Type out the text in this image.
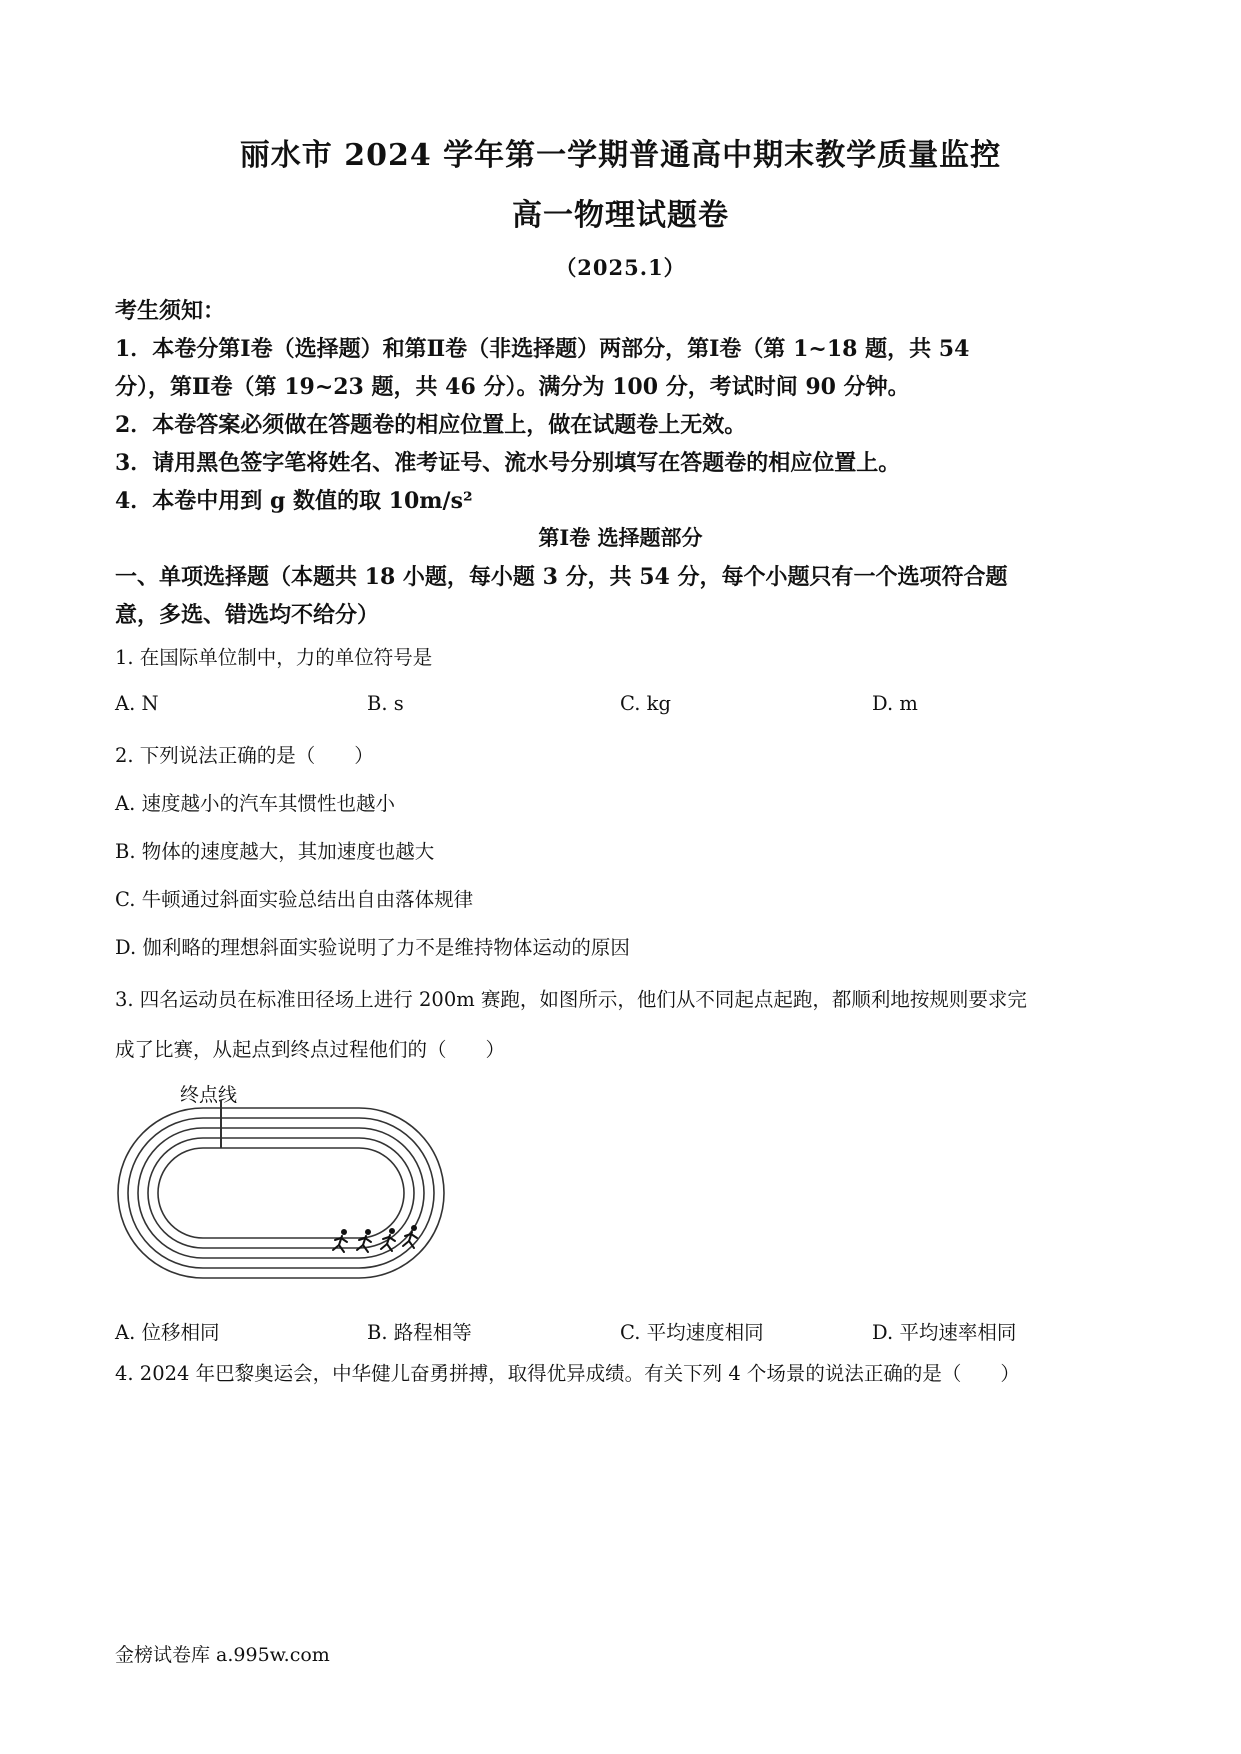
丽水市 2024 学年第一学期普通高中期末教学质量监控
高一物理试题卷
（2025.1）
考生须知：
1．本卷分第Ⅰ卷（选择题）和第Ⅱ卷（非选择题）两部分，第Ⅰ卷（第 1~18 题，共 54
分），第Ⅱ卷（第 19~23 题，共 46 分）。满分为 100 分，考试时间 90 分钟。
2．本卷答案必须做在答题卷的相应位置上，做在试题卷上无效。
3．请用黑色签字笔将姓名、准考证号、流水号分别填写在答题卷的相应位置上。
4．本卷中用到 g 数值的取 10m/s²
第Ⅰ卷 选择题部分
一、单项选择题（本题共 18 小题，每小题 3 分，共 54 分，每个小题只有一个选项符合题
意，多选、错选均不给分）
1. 在国际单位制中，力的单位符号是
A. N	B. s	C. kg	D. m
2. 下列说法正确的是（　　）
A. 速度越小的汽车其惯性也越小
B. 物体的速度越大，其加速度也越大
C. 牛顿通过斜面实验总结出自由落体规律
D. 伽利略的理想斜面实验说明了力不是维持物体运动的原因
3. 四名运动员在标准田径场上进行 200m 赛跑，如图所示，他们从不同起点起跑，都顺利地按规则要求完
成了比赛，从起点到终点过程他们的（　　）
终点线
A. 位移相同	B. 路程相等	C. 平均速度相同	D. 平均速率相同
4. 2024 年巴黎奥运会，中华健儿奋勇拼搏，取得优异成绩。有关下列 4 个场景的说法正确的是（　　）
金榜试卷库 a.995w.com
